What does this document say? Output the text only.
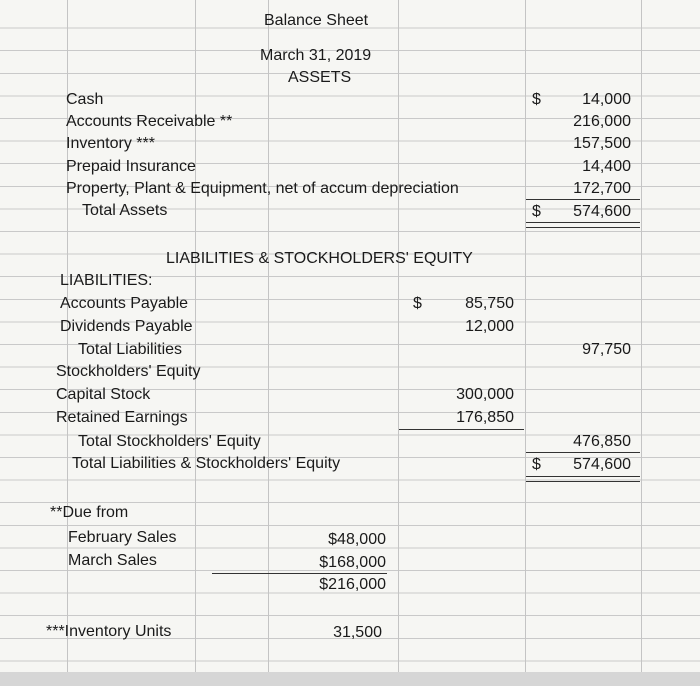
Balance Sheet
March 31, 2019
ASSETS
Cash	$	14,000
Accounts Receivable **	216,000
Inventory ***	157,500
Prepaid Insurance	14,400
Property, Plant & Equipment, net of accum depreciation	172,700
Total Assets	$ 574,600
LIABILITIES & STOCKHOLDERS' EQUITY
LIABILITIES:
Accounts Payable	$	85,750
Dividends Payable	12,000
Total Liabilities	97,750
Stockholders' Equity
Capital Stock	300,000
Retained Earnings	176,850
Total Stockholders' Equity	476,850
Total Liabilities & Stockholders' Equity	$ 574,600
**Due from
February Sales	$48,000
March Sales	$168,000
$216,000
***Inventory Units	31,500
